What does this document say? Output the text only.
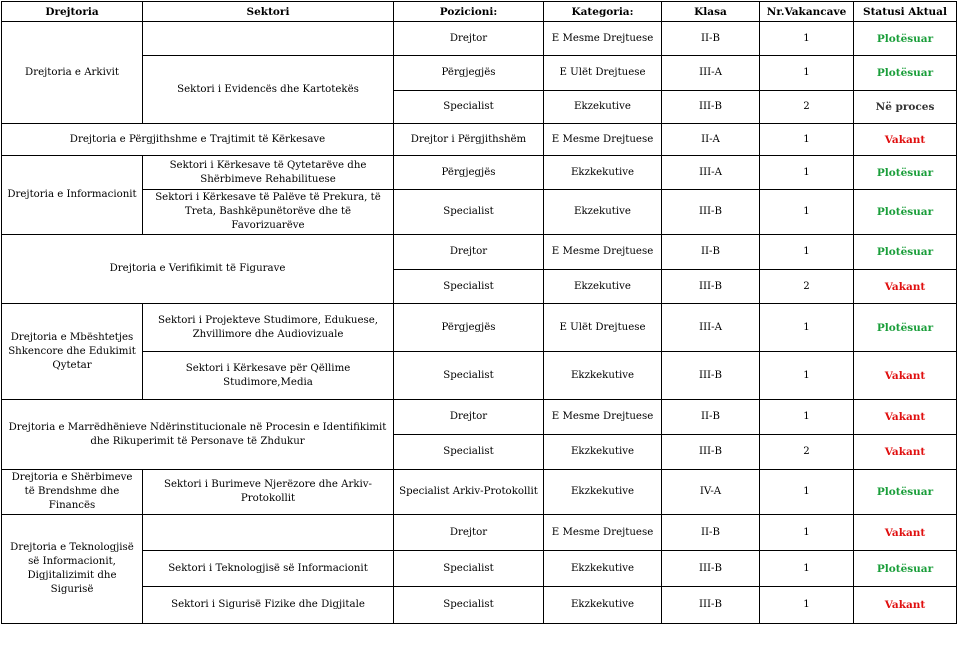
Drejtoria	Sektori	Pozicioni:	Kategoria:	Klasa	Nr.Vakancave	Statusi Aktual
Drejtoria e Arkivit		Drejtor	E Mesme Drejtuese	II-B	1	Plotësuar
	Sektori i Evidencës dhe Kartotekës	Përgjegjës	E Ulët Drejtuese	III-A	1	Plotësuar
		Specialist	Ekzekutive	III-B	2	Në proces
Drejtoria e Përgjithshme e Trajtimit të Kërkesave		Drejtor i Përgjithshëm	E Mesme Drejtuese	II-A	1	Vakant
Drejtoria e Informacionit	Sektori i Kërkesave të Qytetarëve dhe Shërbimeve Rehabilituese	Përgjegjës	Ekzkekutive	III-A	1	Plotësuar
	Sektori i Kërkesave të Palëve të Prekura, të Treta, Bashkëpunëtorëve dhe të Favorizuarëve	Specialist	Ekzekutive	III-B	1	Plotësuar
Drejtoria e Verifikimit të Figurave		Drejtor	E Mesme Drejtuese	II-B	1	Plotësuar
		Specialist	Ekzekutive	III-B	2	Vakant
Drejtoria e Mbështetjes Shkencore dhe Edukimit Qytetar	Sektori i Projekteve Studimore, Edukuese, Zhvillimore dhe Audiovizuale	Përgjegjës	E Ulët Drejtuese	III-A	1	Plotësuar
	Sektori i Kërkesave për Qëllime Studimore,Media	Specialist	Ekzkekutive	III-B	1	Vakant
Drejtoria e Marrëdhënieve Ndërinstitucionale në Procesin e Identifikimit dhe Rikuperimit të Personave të Zhdukur		Drejtor	E Mesme Drejtuese	II-B	1	Vakant
		Specialist	Ekzkekutive	III-B	2	Vakant
Drejtoria e Shërbimeve të Brendshme dhe Financës	Sektori i Burimeve Njerëzore dhe Arkiv-Protokollit	Specialist Arkiv-Protokollit	Ekzkekutive	IV-A	1	Plotësuar
Drejtoria e Teknologjisë së Informacionit, Digjitalizimit dhe Sigurisë		Drejtor	E Mesme Drejtuese	II-B	1	Vakant
	Sektori i Teknologjisë së Informacionit	Specialist	Ekzkekutive	III-B	1	Plotësuar
	Sektori i Sigurisë Fizike dhe Digjitale	Specialist	Ekzkekutive	III-B	1	Vakant
